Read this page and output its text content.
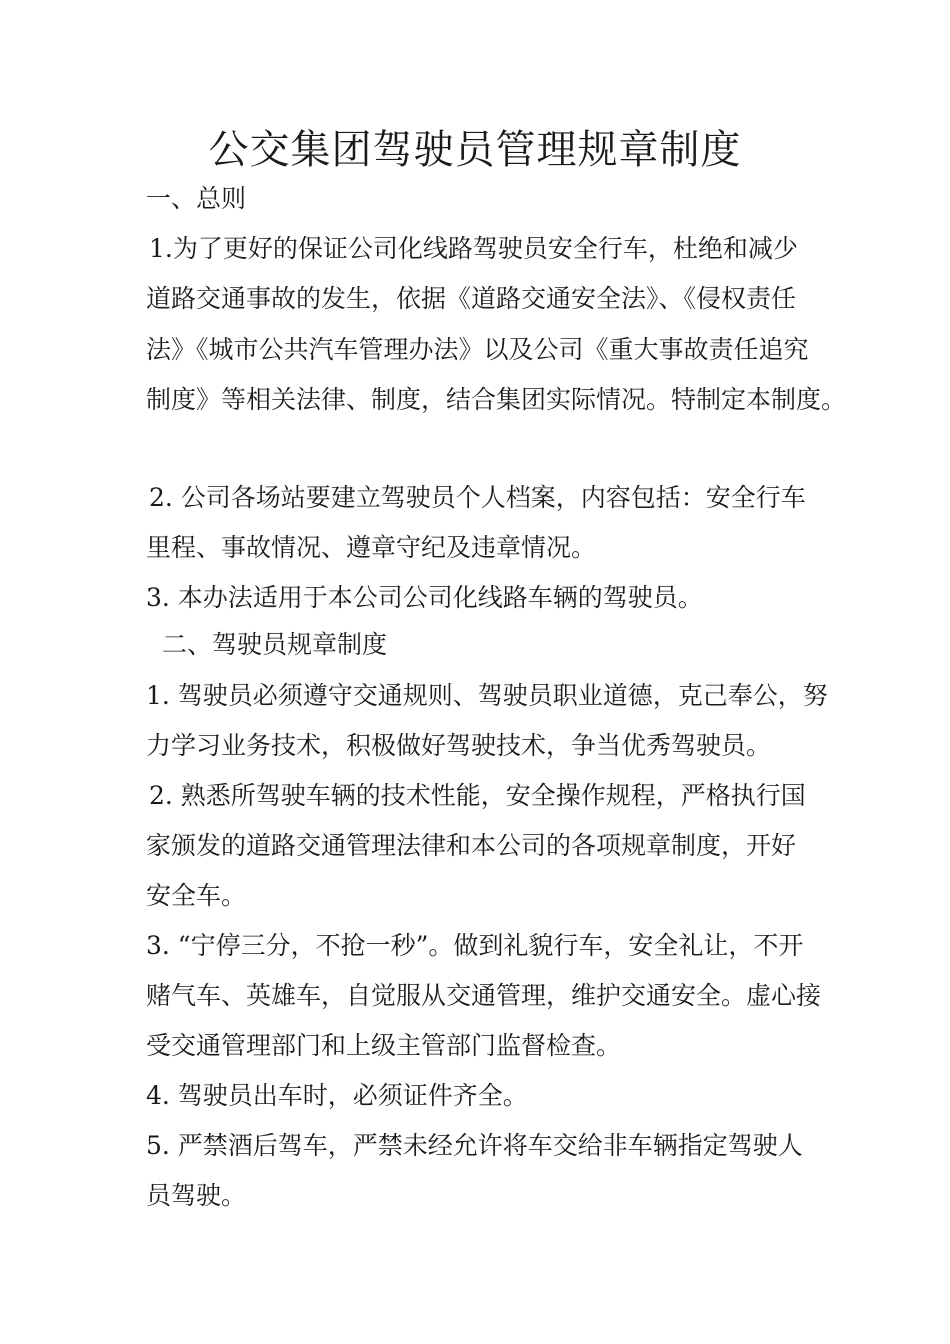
公交集团驾驶员管理规章制度
一、总则
1.为了更好的保证公司化线路驾驶员安全行车，杜绝和减少
道路交通事故的发生，依据《道路交通安全法》、《侵权责任
法》《城市公共汽车管理办法》以及公司《重大事故责任追究
制度》等相关法律、制度，结合集团实际情况。特制定本制度。
2. 公司各场站要建立驾驶员个人档案，内容包括：安全行车
里程、事故情况、遵章守纪及违章情况。
3. 本办法适用于本公司公司化线路车辆的驾驶员。
二、驾驶员规章制度
1. 驾驶员必须遵守交通规则、驾驶员职业道德，克己奉公，努
力学习业务技术，积极做好驾驶技术，争当优秀驾驶员。
2. 熟悉所驾驶车辆的技术性能，安全操作规程，严格执行国
家颁发的道路交通管理法律和本公司的各项规章制度，开好
安全车。
3. “宁停三分，不抢一秒”。做到礼貌行车，安全礼让，不开
赌气车、英雄车，自觉服从交通管理，维护交通安全。虚心接
受交通管理部门和上级主管部门监督检查。
4. 驾驶员出车时，必须证件齐全。
5. 严禁酒后驾车，严禁未经允许将车交给非车辆指定驾驶人
员驾驶。
